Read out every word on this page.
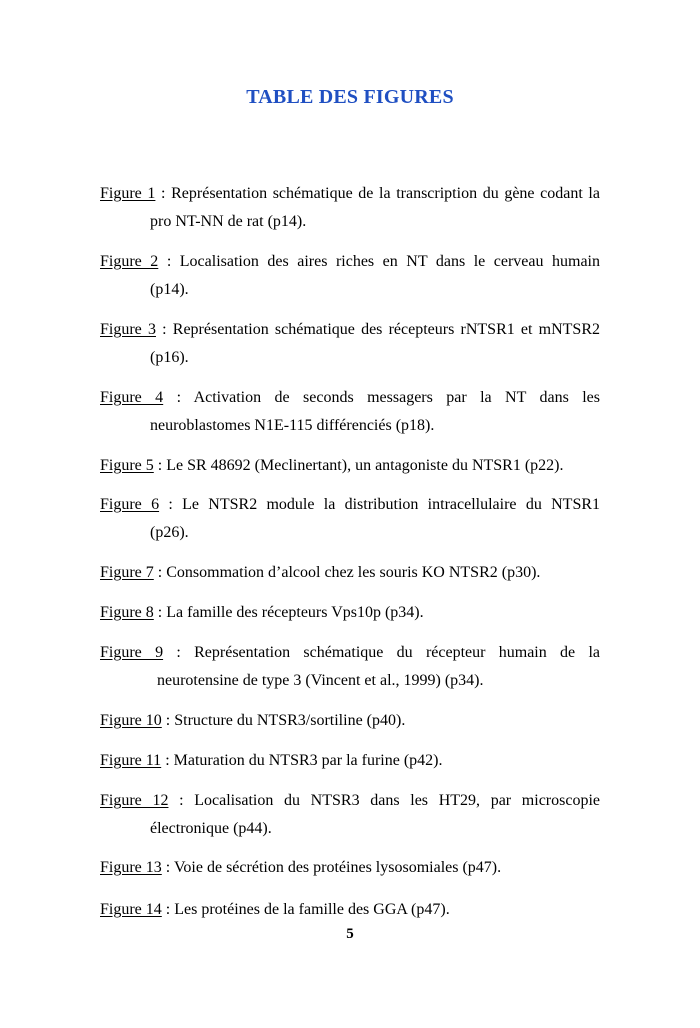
TABLE DES FIGURES
Figure 1 : Représentation schématique de la transcription du gène codant la
pro NT-NN de rat (p14).
Figure 2 : Localisation des aires riches en NT dans le cerveau humain
(p14).
Figure 3 : Représentation schématique des récepteurs rNTSR1 et mNTSR2
(p16).
Figure 4 : Activation de seconds messagers par la NT dans les
neuroblastomes N1E-115 différenciés (p18).
Figure 5 : Le SR 48692 (Meclinertant), un antagoniste du NTSR1 (p22).
Figure 6 : Le NTSR2 module la distribution intracellulaire du NTSR1
(p26).
Figure 7 : Consommation d’alcool chez les souris KO NTSR2 (p30).
Figure 8 : La famille des récepteurs Vps10p (p34).
Figure 9 : Représentation schématique du récepteur humain de la
neurotensine de type 3 (Vincent et al., 1999) (p34).
Figure 10 : Structure du NTSR3/sortiline (p40).
Figure 11 : Maturation du NTSR3 par la furine (p42).
Figure 12 : Localisation du NTSR3 dans les HT29, par microscopie
électronique (p44).
Figure 13 : Voie de sécrétion des protéines lysosomiales (p47).
Figure 14 : Les protéines de la famille des GGA (p47).
5
